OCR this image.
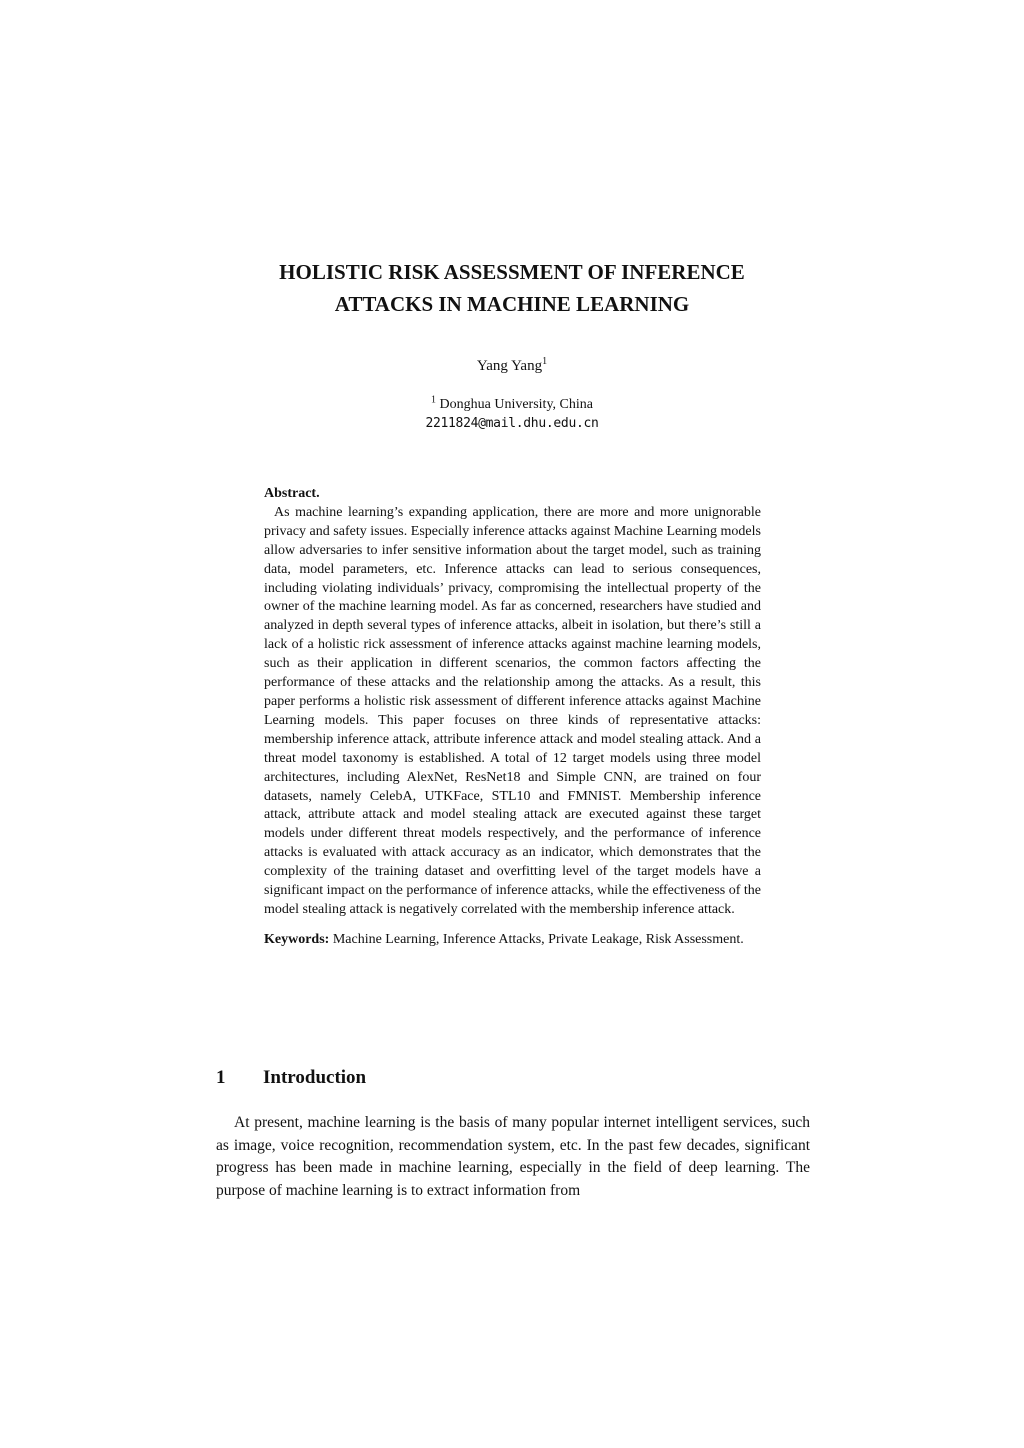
HOLISTIC RISK ASSESSMENT OF INFERENCE
ATTACKS IN MACHINE LEARNING
Yang Yang$^1$
$^1$ Donghua University, China
2211824@mail.dhu.edu.cn
Abstract.

As machine learning’s expanding application, there are more and more unignorable privacy and safety issues. Especially inference attacks against Machine Learning models allow adversaries to infer sensitive information about the target model, such as training data, model parameters, etc. Inference attacks can lead to serious consequences, including violating individuals’ privacy, compromising the intellectual property of the owner of the machine learning model. As far as concerned, researchers have studied and analyzed in depth several types of inference attacks, albeit in isolation, but there’s still a lack of a holistic rick assessment of inference attacks against machine learning models, such as their application in different scenarios, the common factors affecting the performance of these attacks and the relationship among the attacks. As a result, this paper performs a holistic risk assessment of different inference attacks against Machine Learning models. This paper focuses on three kinds of representative attacks: membership inference attack, attribute inference attack and model stealing attack. And a threat model taxonomy is established. A total of 12 target models using three model architectures, including AlexNet, ResNet18 and Simple CNN, are trained on four datasets, namely CelebA, UTKFace, STL10 and FMNIST. Membership inference attack, attribute attack and model stealing attack are executed against these target models under different threat models respectively, and the performance of inference attacks is evaluated with attack accuracy as an indicator, which demonstrates that the complexity of the training dataset and overfitting level of the target models have a significant impact on the performance of inference attacks, while the effectiveness of the model stealing attack is negatively correlated with the membership inference attack.

Keywords: Machine Learning, Inference Attacks, Private Leakage, Risk Assessment.

1 Introduction

At present, machine learning is the basis of many popular internet intelligent services, such as image, voice recognition, recommendation system, etc. In the past few decades, significant progress has been made in machine learning, especially in the field of deep learning. The purpose of machine learning is to extract information from
